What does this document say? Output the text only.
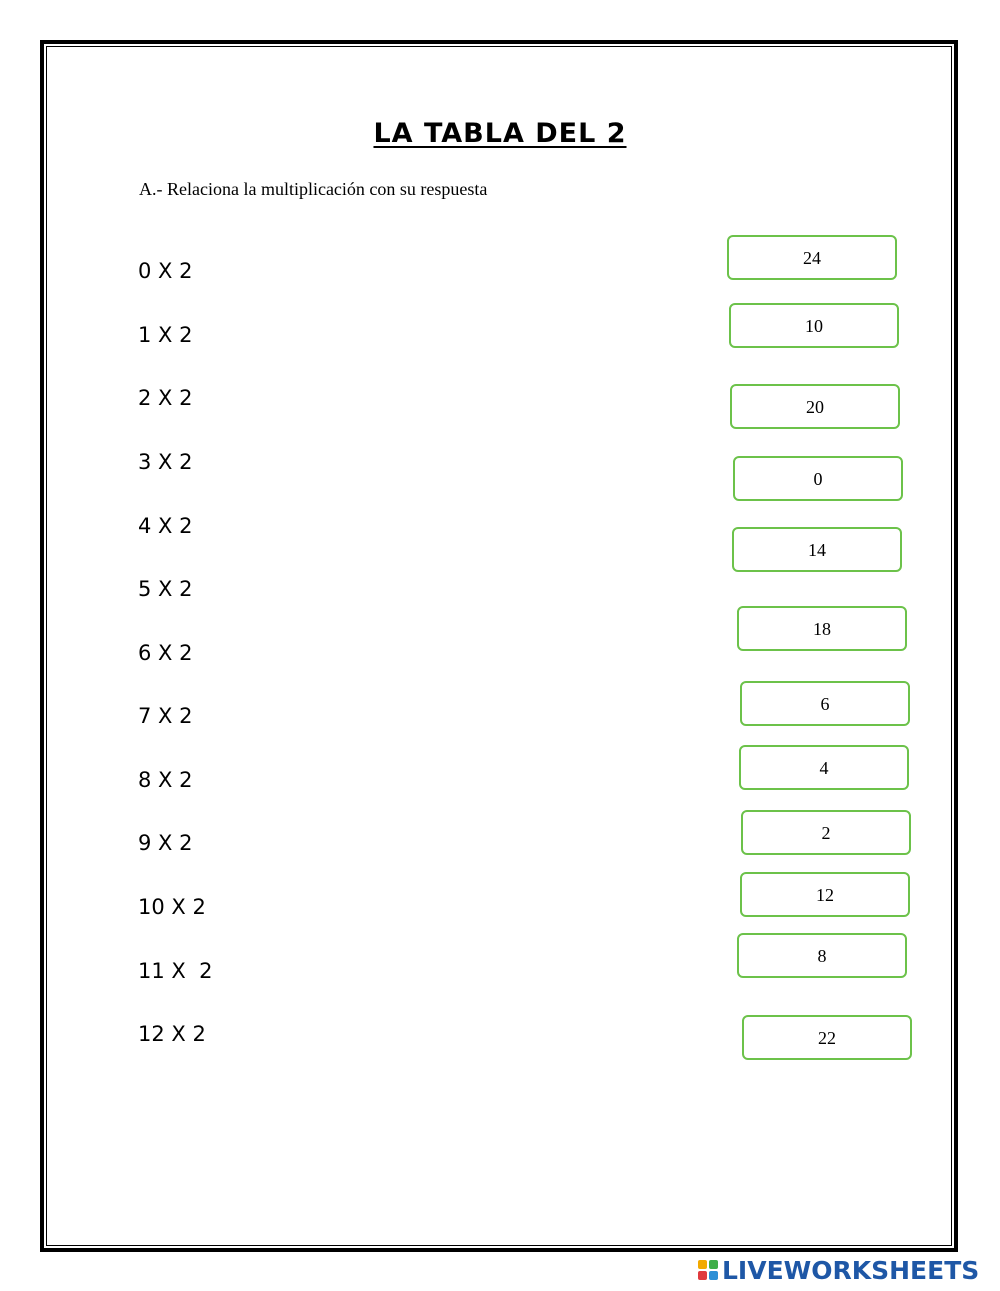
LA TABLA DEL 2
A.- Relaciona la multiplicación con su respuesta
0 X 2
1 X 2
2 X 2
3 X 2
4 X 2
5 X 2
6 X 2
7 X 2
8 X 2
9 X 2
10 X 2
11 X  2
12 X 2
24
10
20
0
14
18
6
4
2
12
8
22
LIVEWORKSHEETS
